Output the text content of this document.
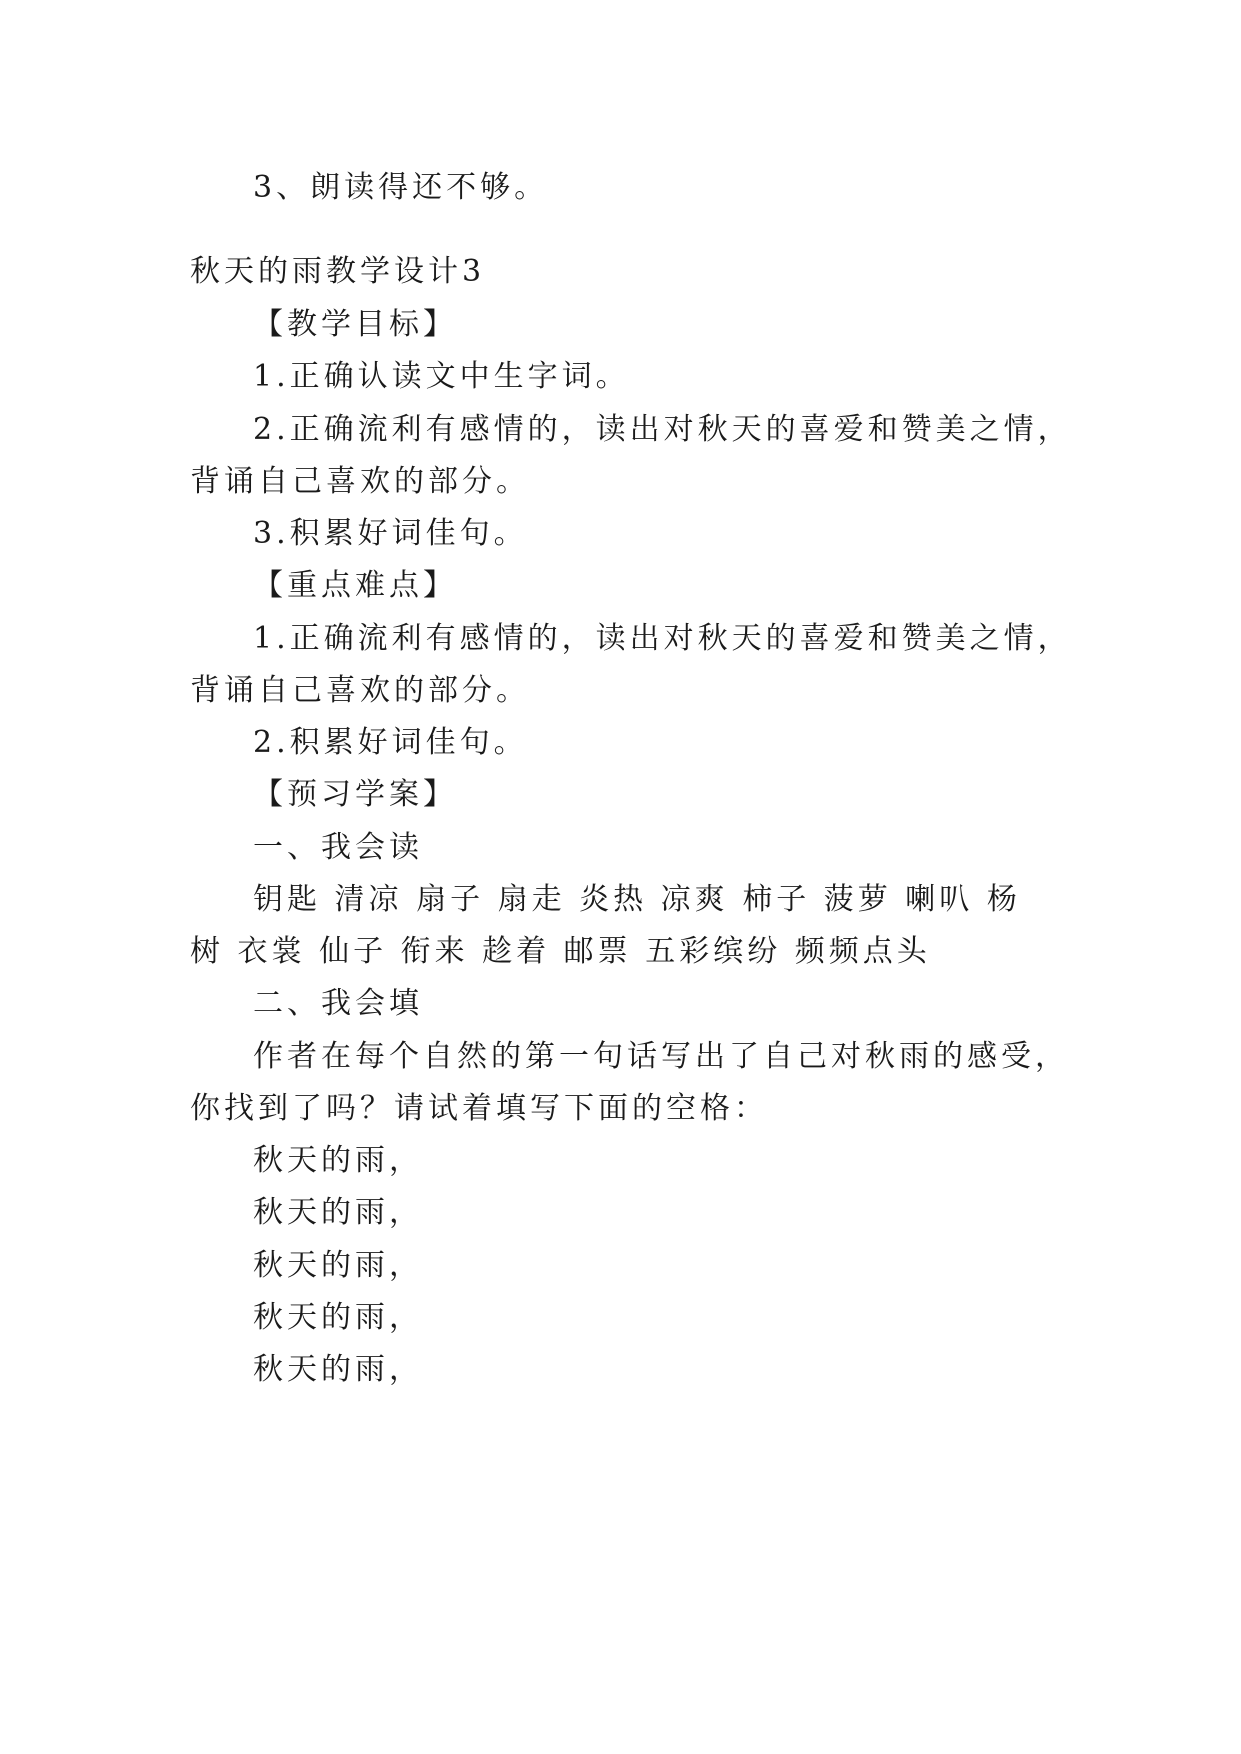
3、朗读得还不够。
秋天的雨教学设计3
【教学目标】
1.正确认读文中生字词。
2.正确流利有感情的，读出对秋天的喜爱和赞美之情，
背诵自己喜欢的部分。
3.积累好词佳句。
【重点难点】
1.正确流利有感情的，读出对秋天的喜爱和赞美之情，
背诵自己喜欢的部分。
2.积累好词佳句。
【预习学案】
一、我会读
钥匙 清凉 扇子 扇走 炎热 凉爽 柿子 菠萝 喇叭 杨
树 衣裳 仙子 衔来 趁着 邮票 五彩缤纷 频频点头
二、我会填
作者在每个自然的第一句话写出了自己对秋雨的感受，
你找到了吗？请试着填写下面的空格：
秋天的雨，
秋天的雨，
秋天的雨，
秋天的雨，
秋天的雨，
